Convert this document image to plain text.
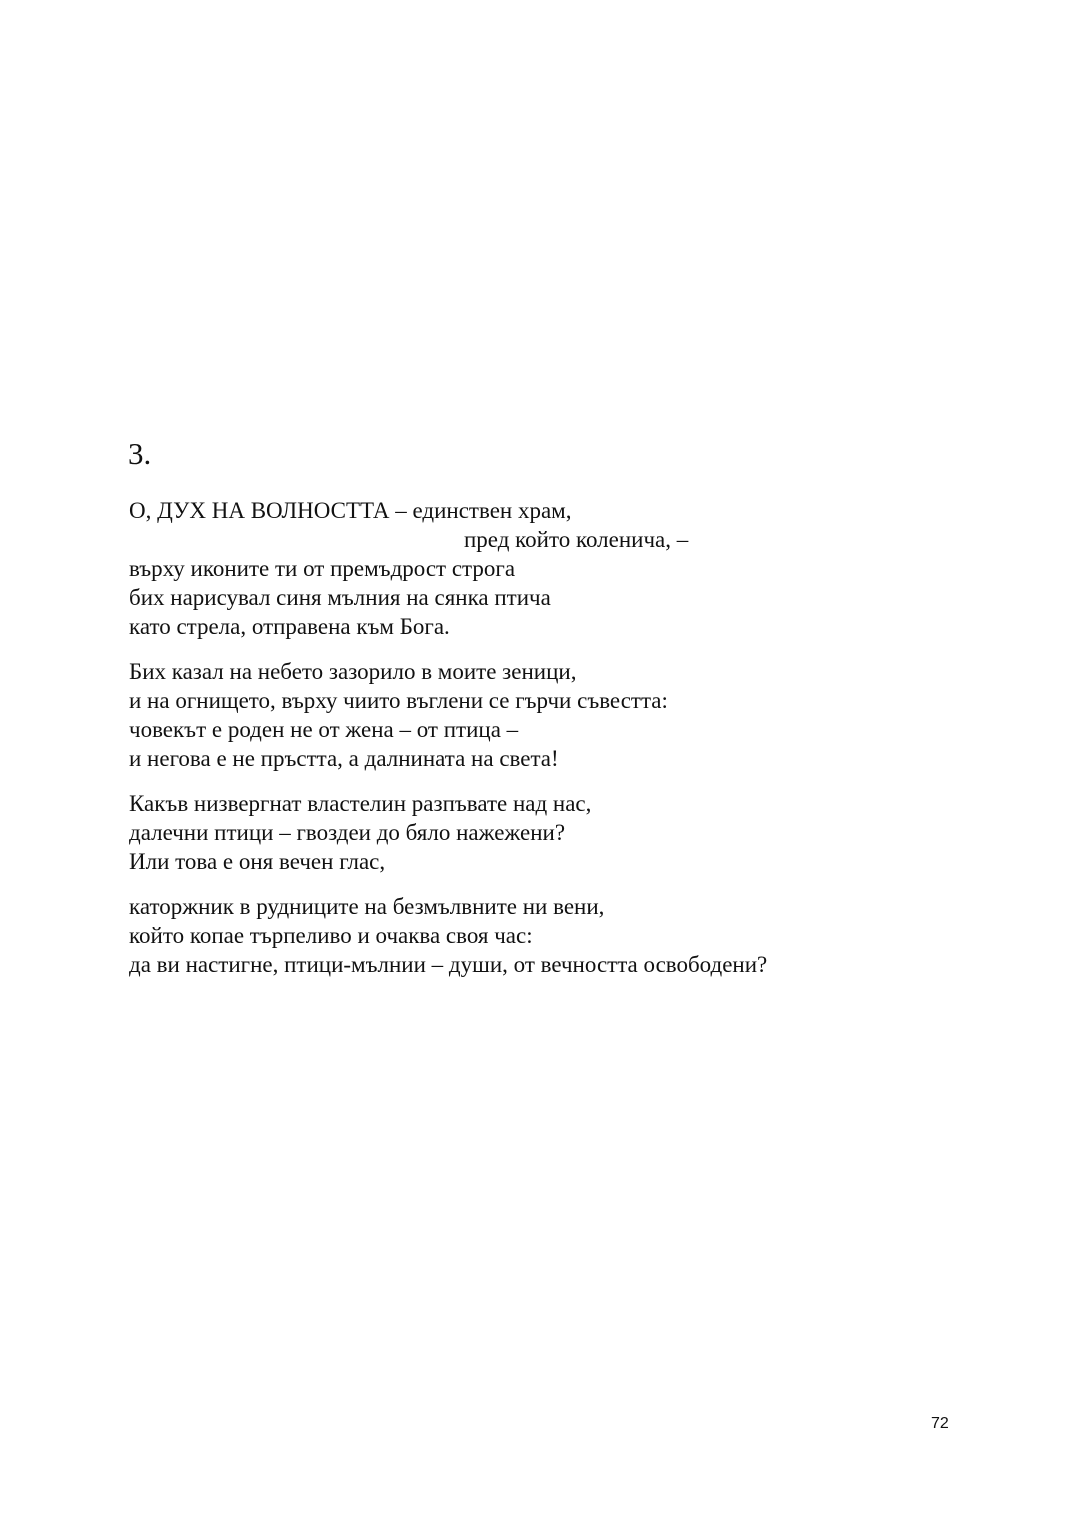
3.
О, ДУХ НА ВОЛНОСТТА – единствен храм,
пред който коленича, –
върху иконите ти от премъдрост строга
бих нарисувал синя мълния на сянка птича
като стрела, отправена към Бога.
Бих казал на небето зазорило в моите зеници,
и на огнището, върху чиито въглени се гърчи съвестта:
човекът е роден не от жена – от птица –
и негова е не пръстта, а далнината на света!
Какъв низвергнат властелин разпъвате над нас,
далечни птици – гвоздеи до бяло нажежени?
Или това е оня вечен глас,
каторжник в рудниците на безмълвните ни вени,
който копае търпеливо и очаква своя час:
да ви настигне, птици-мълнии – души, от вечността освободени?
72
